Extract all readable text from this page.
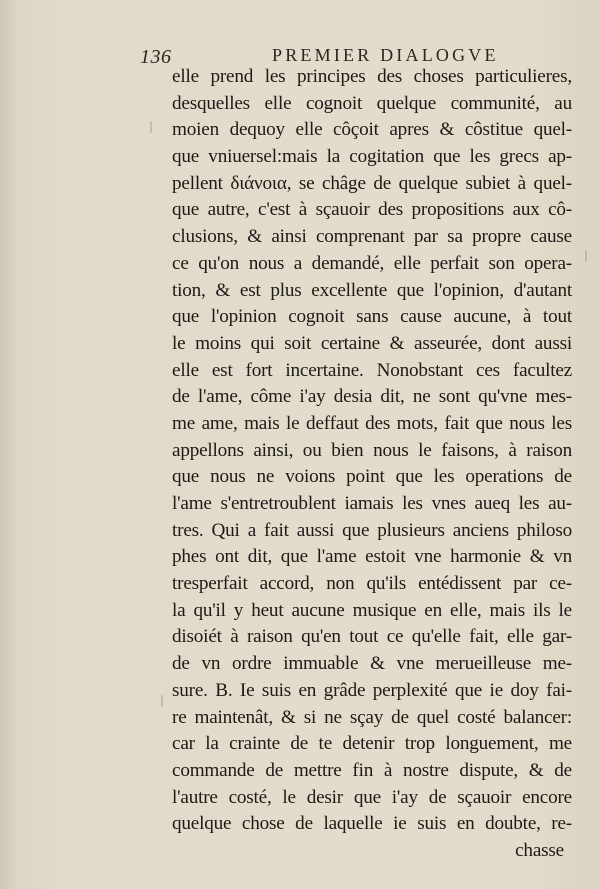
136	PREMIER DIALOGVE
elle prend les principes des choses particulieres,
desquelles elle cognoit quelque communité, au
moien dequoy elle côçoit apres & côstitue quel-
que vniuersel:mais la cogitation que les grecs ap-
pellent διάνοια, se châge de quelque subiet à quel-
que autre, c'est à sçauoir des propositions aux cô-
clusions, & ainsi comprenant par sa propre cause
ce qu'on nous a demandé, elle perfait son opera-
tion, & est plus excellente que l'opinion, d'autant
que l'opinion cognoit sans cause aucune, à tout
le moins qui soit certaine & asseurée, dont aussi
elle est fort incertaine. Nonobstant ces facultez
de l'ame, côme i'ay desia dit, ne sont qu'vne mes-
me ame, mais le deffaut des mots, fait que nous les
appellons ainsi, ou bien nous le faisons, à raison
que nous ne voions point que les operations de
l'ame s'entretroublent iamais les vnes aueq les au-
tres. Qui a fait aussi que plusieurs anciens philoso
phes ont dit, que l'ame estoit vne harmonie & vn
tresperfait accord, non qu'ils entédissent par ce-
la qu'il y heut aucune musique en elle, mais ils le
disoiét à raison qu'en tout ce qu'elle fait, elle gar-
de vn ordre immuable & vne merueilleuse me-
sure. B. Ie suis en grâde perplexité que ie doy fai-
re maintenât, & si ne sçay de quel costé balancer:
car la crainte de te detenir trop longuement, me
commande de mettre fin à nostre dispute, & de
l'autre costé, le desir que i'ay de sçauoir encore
quelque chose de laquelle ie suis en doubte, re-
chasse
